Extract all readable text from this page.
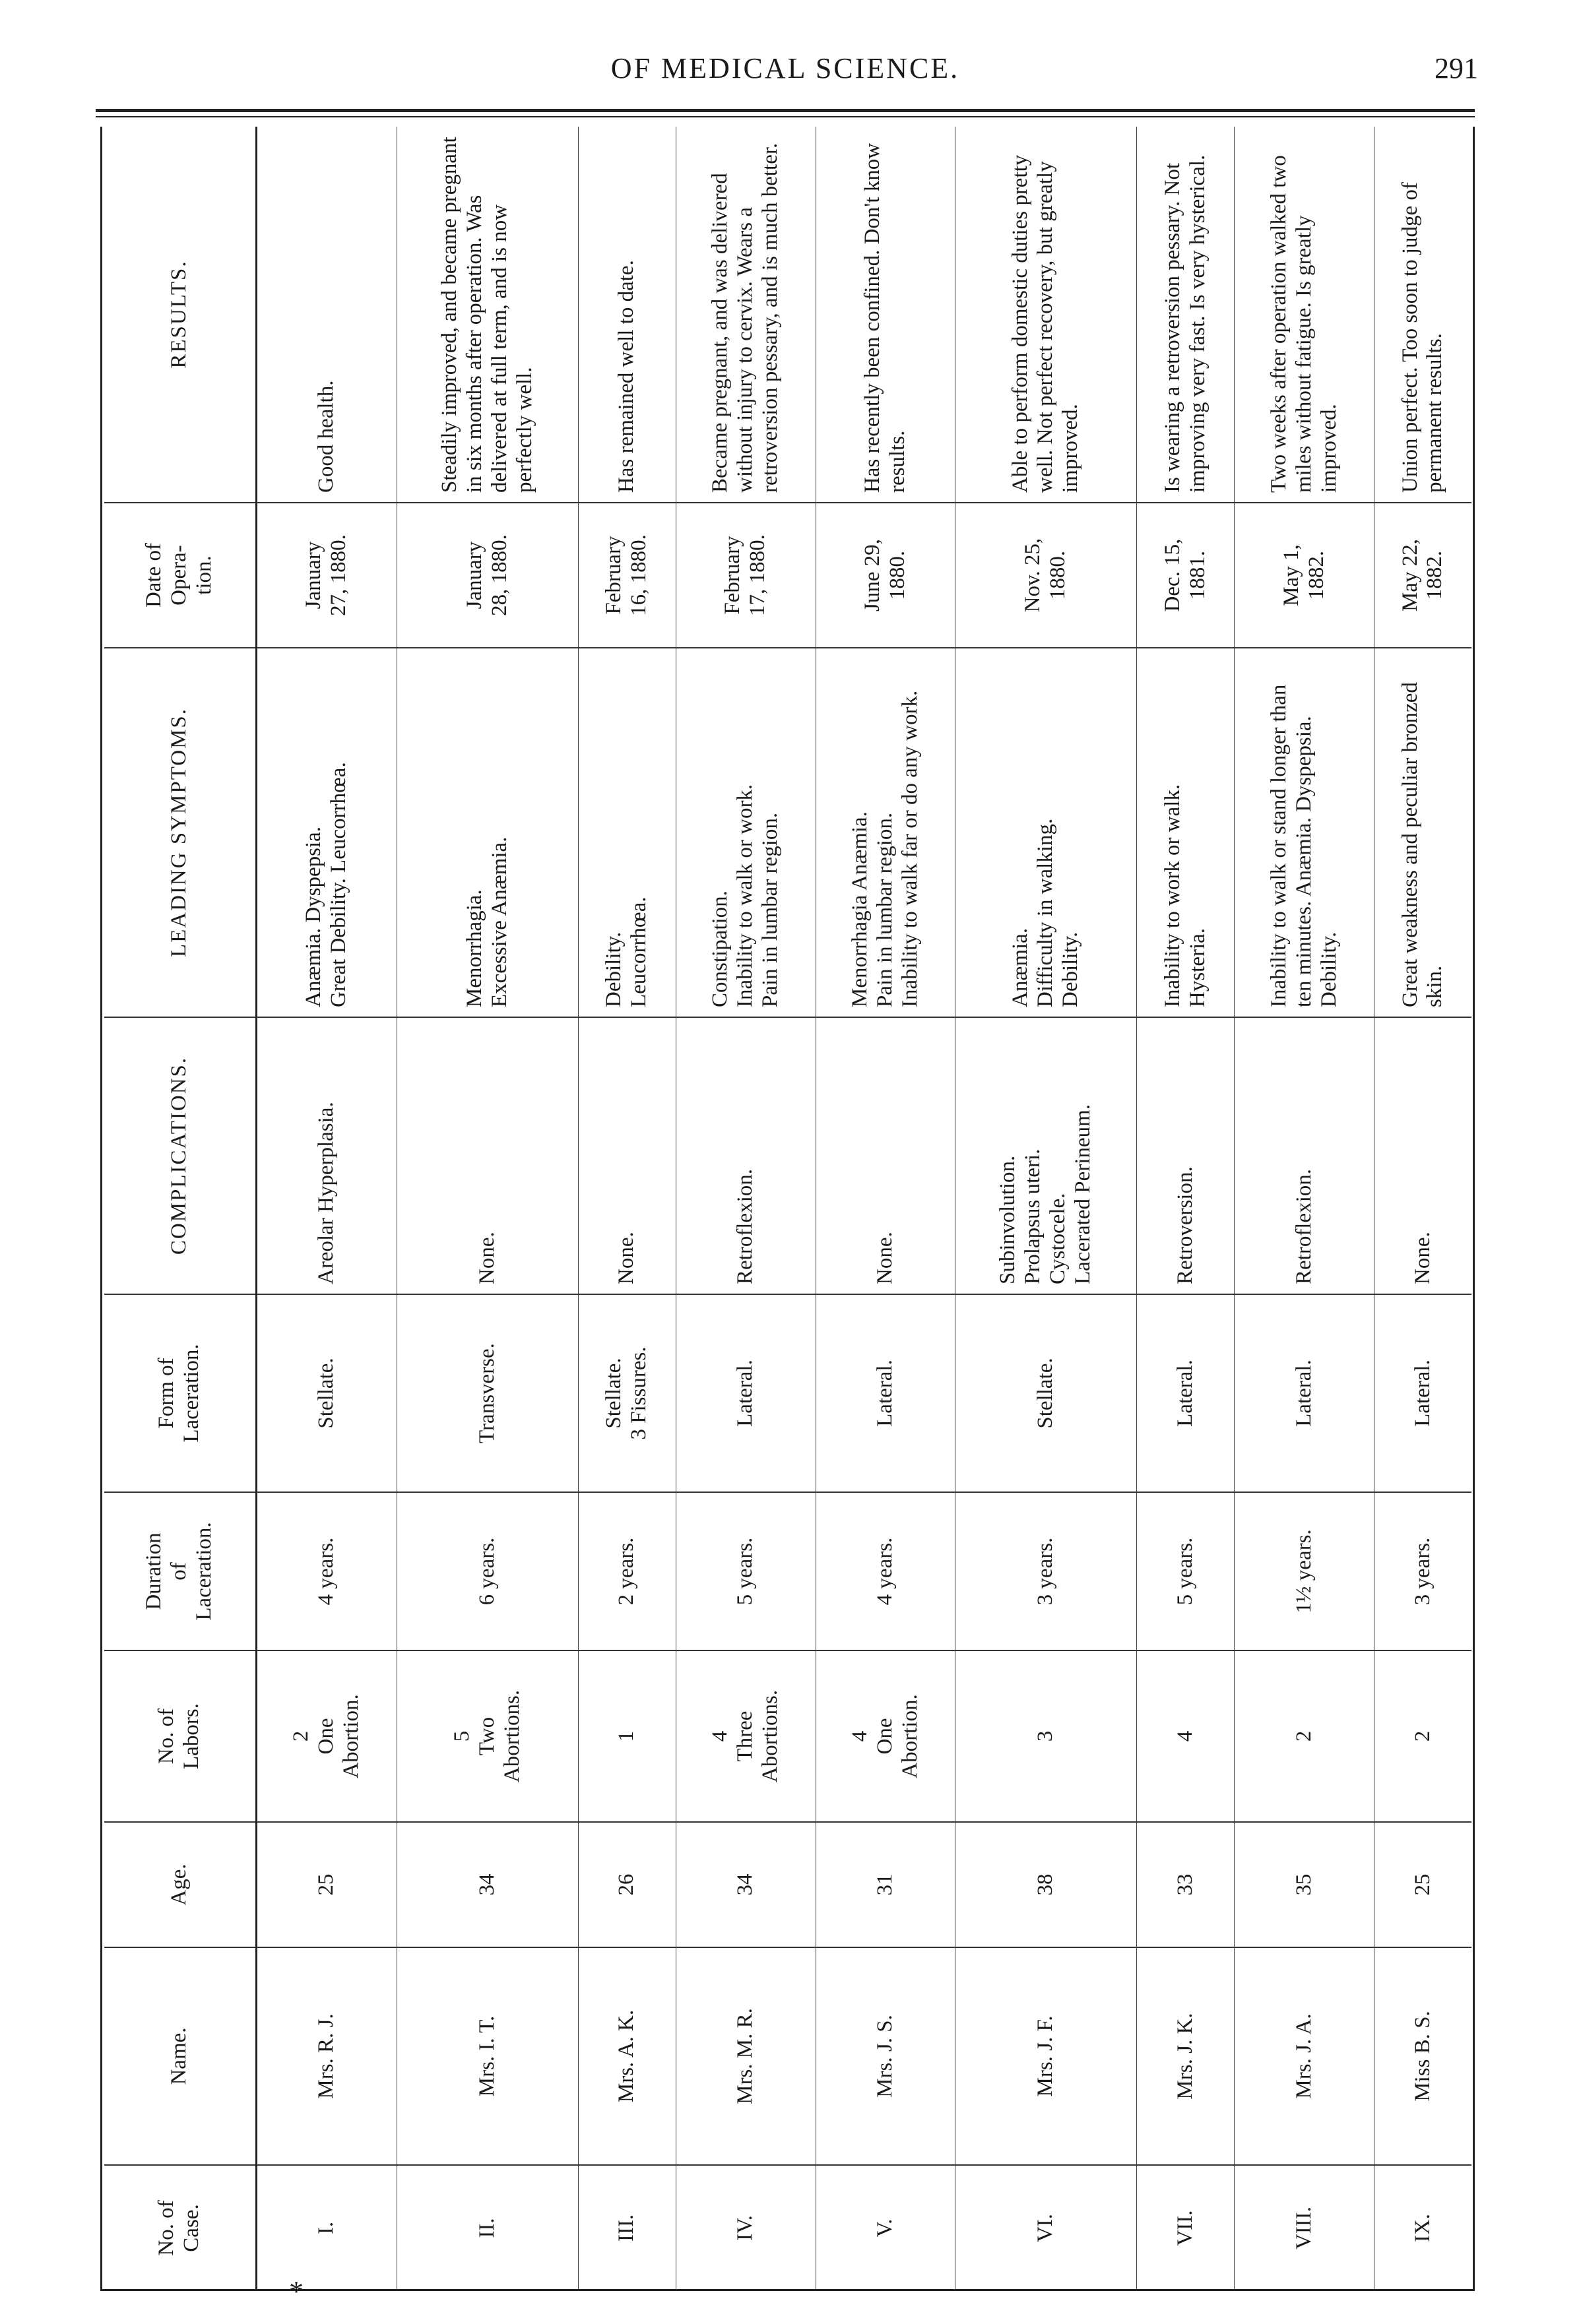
OF MEDICAL SCIENCE.	291
No. of
Case.	Name.	Age.	No. of
Labors.	Duration
of
Laceration.	Form of
Laceration.	COMPLICATIONS.	LEADING SYMPTOMS.	Date of
Opera-
tion.	RESULTS.
I.	Mrs. R. J.	25	2
One
Abortion.	4 years.	Stellate.	Areolar Hyperplasia.	Anæmia. Dyspepsia.
Great Debility. Leucorrhœa.	January
27, 1880.	Good health.
II.	Mrs. I. T.	34	5
Two
Abortions.	6 years.	Transverse.	None.	Menorrhagia.
Excessive Anæmia.	January
28, 1880.	Steadily improved, and became pregnant in six months after operation. Was delivered at full term, and is now perfectly well.
III.	Mrs. A. K.	26	1	2 years.	Stellate.
3 Fissures.	None.	Debility.
Leucorrhœa.	February
16, 1880.	Has remained well to date.
IV.	Mrs. M. R.	34	4
Three
Abortions.	5 years.	Lateral.	Retroflexion.	Constipation.
Inability to walk or work.
Pain in lumbar region.	February
17, 1880.	Became pregnant, and was delivered without injury to cervix. Wears a retroversion pessary, and is much better.
V.	Mrs. J. S.	31	4
One
Abortion.	4 years.	Lateral.	None.	Menorrhagia Anæmia.
Pain in lumbar region.
Inability to walk far or do any work.	June 29,
1880.	Has recently been confined. Don't know results.
VI.	Mrs. J. F.	38	3	3 years.	Stellate.	Subinvolution.
Prolapsus uteri.
Cystocele.
Lacerated Perineum.	Anæmia.
Difficulty in walking.
Debility.	Nov. 25,
1880.	Able to perform domestic duties pretty well. Not perfect recovery, but greatly improved.
VII.	Mrs. J. K.	33	4	5 years.	Lateral.	Retroversion.	Inability to work or walk.
Hysteria.	Dec. 15,
1881.	Is wearing a retroversion pessary. Not improving very fast. Is very hysterical.
VIII.	Mrs. J. A.	35	2	1½ years.	Lateral.	Retroflexion.	Inability to walk or stand longer than ten minutes. Anæmia. Dyspepsia. Debility.	May 1,
1882.	Two weeks after operation walked two miles without fatigue. Is greatly improved.
IX.	Miss B. S.	25	2	3 years.	Lateral.	None.	Great weakness and peculiar bronzed skin.	May 22,
1882.	Union perfect. Too soon to judge of permanent results.
*
